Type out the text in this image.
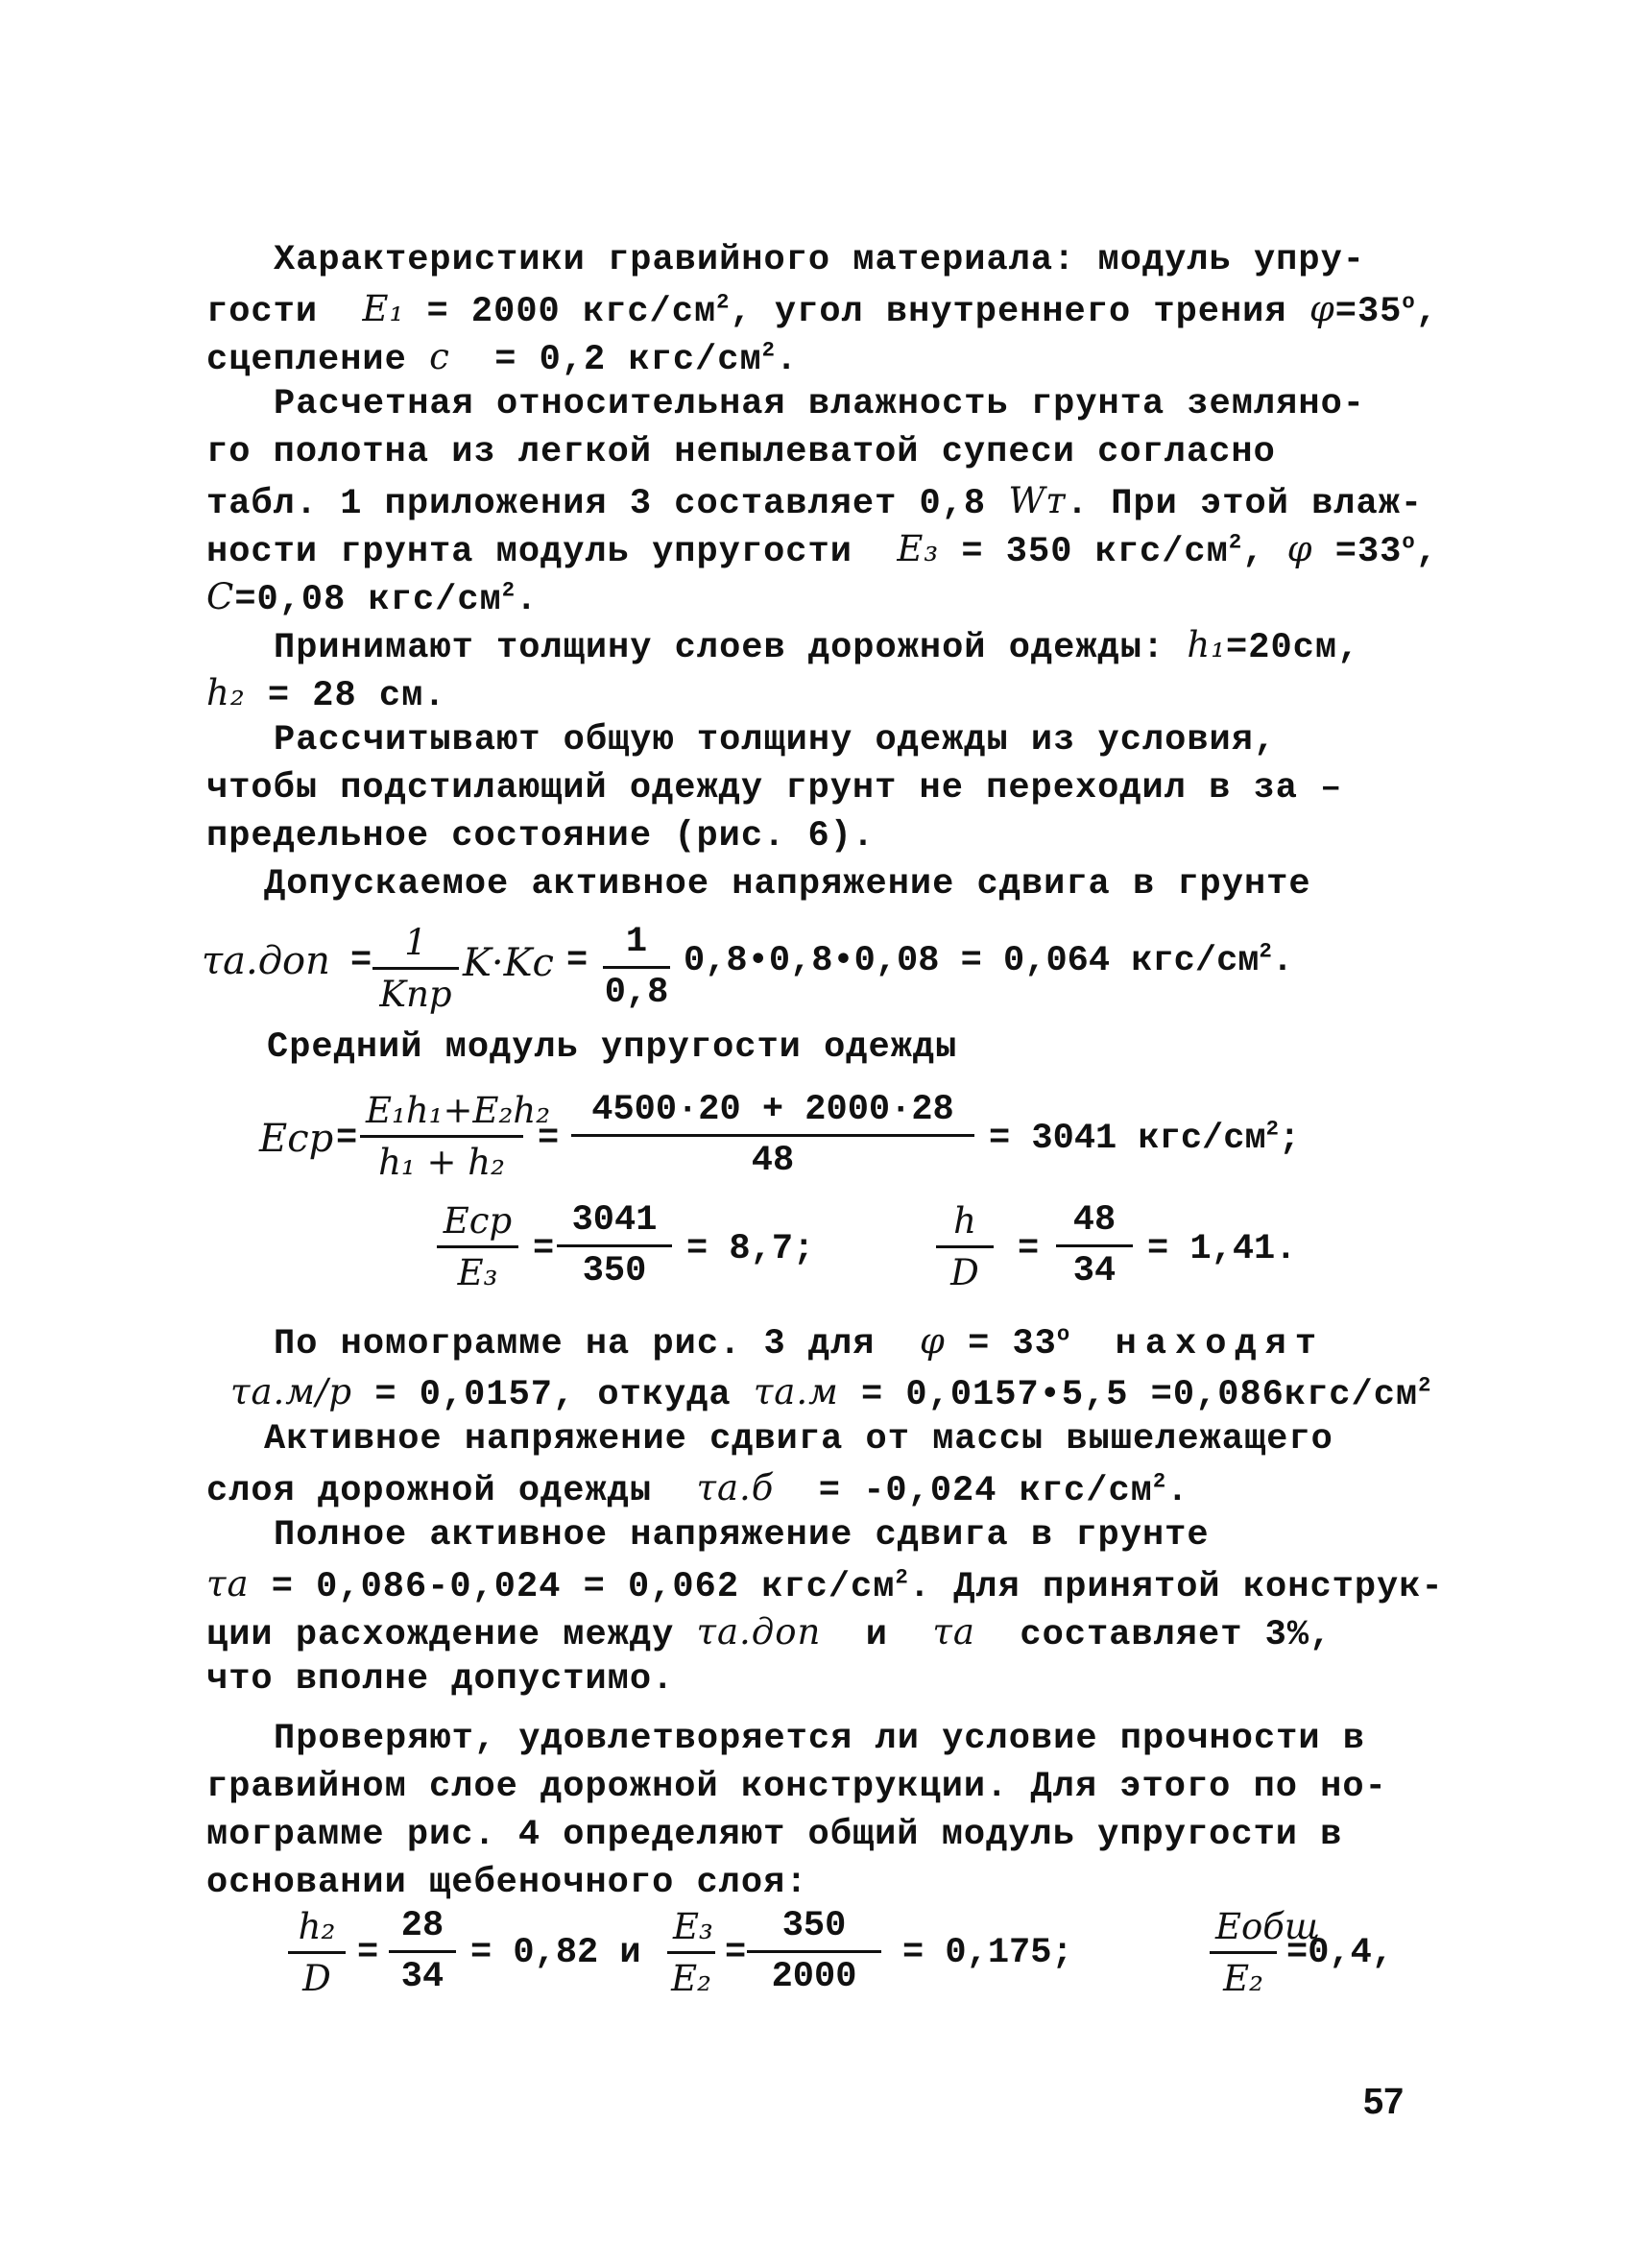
Характеристики гравийного материала: модуль упру-
гости E₁ = 2000 кгс/$см^2$, угол внутреннего трения $\varphi=35^o$,
сцепление c = 0,2 кгс/$см^2$.
Расчетная относительная влажность грунта земляно-
го полотна из легкой непылеватой супеси согласно
табл. 1 приложения 3 составляет 0,8 Wᴛ. При этой влаж-
ности грунта модуль упругости E₃ = 350 кгс/$см^2$, $\varphi =33^o$,
C=0,08 кгс/$см^2$.
Принимают толщину слоев дорожной одежды: h₁=20см,
h₂ = 28 см.
Рассчитывают общую толщину одежды из условия,
чтобы подстилающий одежду грунт не переходил в за –
предельное состояние (рис. 6).
Допускаемое активное напряжение сдвига в грунте
τa.доп = 1
Kпр
$K\cdot Kc = \frac{1}{0,8}$ 0,8•0,8•0,08 = 0,064 кгс/$см^2$.
Средний модуль упругости одежды
Eср = $\frac{\text{E₁h₁+E₂h₂}}{\text{h₁ + h₂}} = \frac{4500\cdot 20 + 2000\cdot 28}{48} = 3041$ кгс/$см^2$;
Eср
E₃
= $\frac{3041}{350} = 8,7$;	$\frac{h}{D} = \frac{48}{34} = 1,41$.
По номограмме на рис. 3 для $\varphi = 33^o$ находят
τa.м/p = 0,0157, откуда τa.м = 0,0157•5,5 $=0,086кгс/см^2$
Активное напряжение сдвига от массы вышележащего
слоя дорожной одежды τa.б = -0,024 кгс/$см^2$.
Полное активное напряжение сдвига в грунте
τa = 0,086-0,024 = 0,062 кгс/$см^2$. Для принятой конструк-
ции расхождение между τa.доп и τa составляет 3%,
что вполне допустимо.
Проверяют, удовлетворяется ли условие прочности в
гравийном слое дорожной конструкции. Для этого по но-
мограмме рис. 4 определяют общий модуль упругости в
основании щебеночного слоя:
$\frac{\text{h₂}}{D} = \frac{28}{34} = 0,82$ и $\frac{\text{E₃}}{\text{E₂}} = \frac{350}{2000} = 0,175$;
Eобщ
E₂
=0,4,
57
